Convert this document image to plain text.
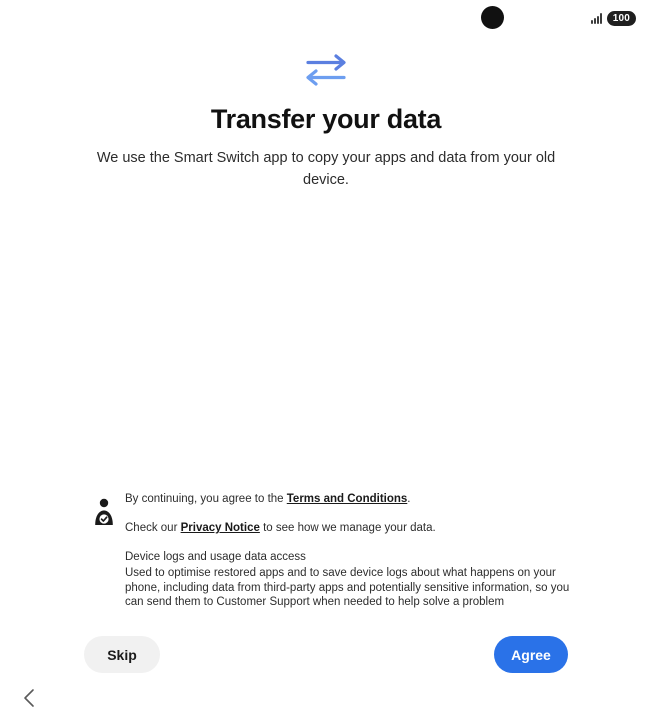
100
Transfer your data

We use the Smart Switch app to copy your apps and data from your old device.

By continuing, you agree to the Terms and Conditions.
Check our Privacy Notice to see how we manage your data.
Device logs and usage data access
Used to optimise restored apps and to save device logs about what happens on your phone, including data from third-party apps and potentially sensitive information, so you can send them to Customer Support when needed to help solve a problem
Skip	Agree
